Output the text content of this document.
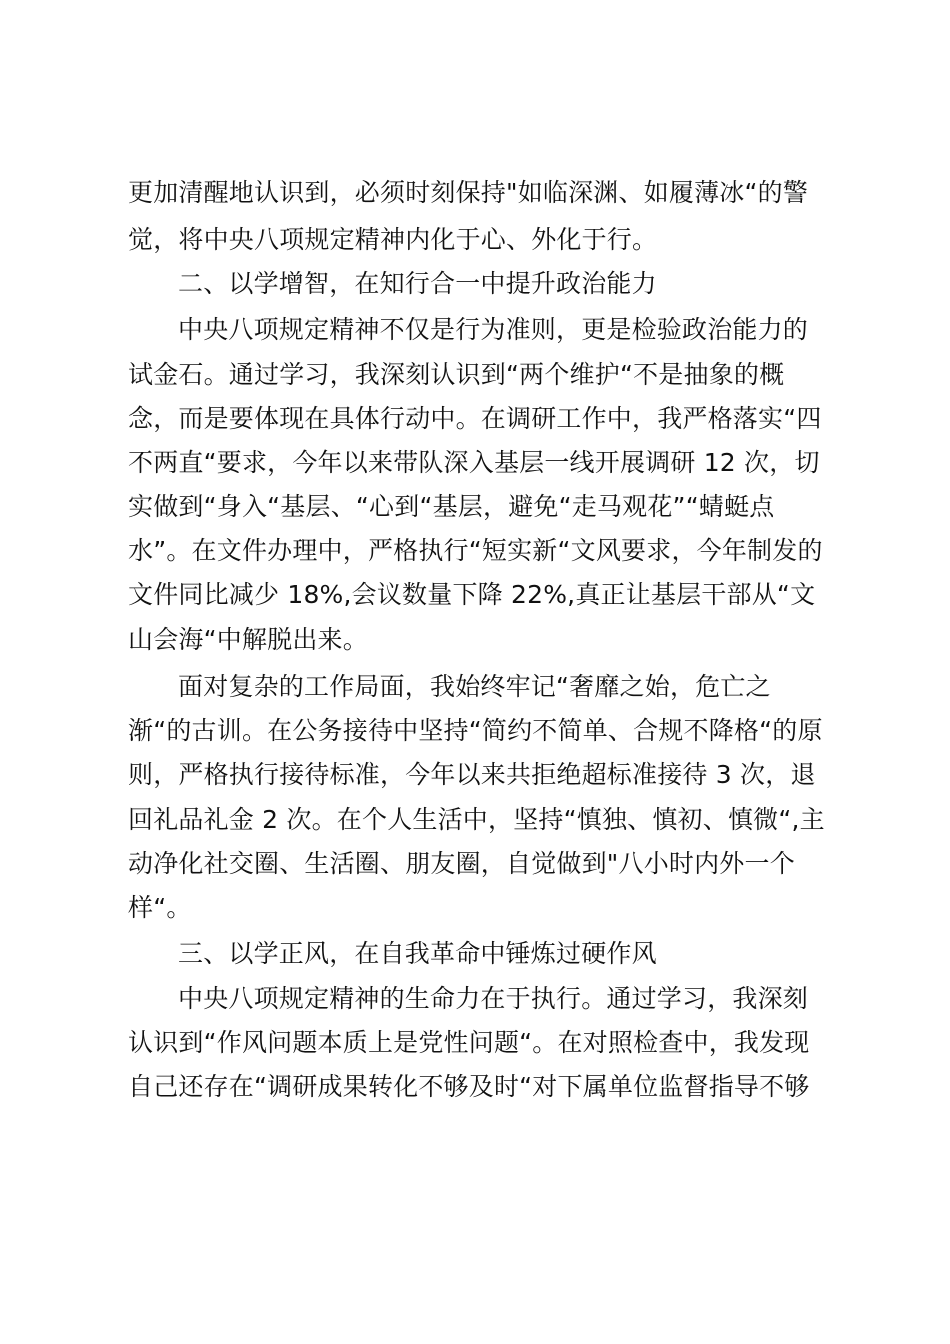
更加清醒地认识到，必须时刻保持"如临深渊、如履薄冰“的警
觉，将中央八项规定精神内化于心、外化于行。
二、以学增智，在知行合一中提升政治能力
中央八项规定精神不仅是行为准则，更是检验政治能力的
试金石。通过学习，我深刻认识到“两个维护“不是抽象的概
念，而是要体现在具体行动中。在调研工作中，我严格落实“四
不两直“要求，今年以来带队深入基层一线开展调研 12 次，切
实做到“身入“基层、“心到“基层，避免“走马观花”“蜻蜓点
水”。在文件办理中，严格执行“短实新“文风要求，今年制发的
文件同比减少 18%,会议数量下降 22%,真正让基层干部从“文
山会海“中解脱出来。
面对复杂的工作局面，我始终牢记“奢靡之始，危亡之
渐“的古训。在公务接待中坚持“简约不简单、合规不降格“的原
则，严格执行接待标准，今年以来共拒绝超标准接待 3 次，退
回礼品礼金 2 次。在个人生活中，坚持“慎独、慎初、慎微“,主
动净化社交圈、生活圈、朋友圈，自觉做到"八小时内外一个
样“。
三、以学正风，在自我革命中锤炼过硬作风
中央八项规定精神的生命力在于执行。通过学习，我深刻
认识到“作风问题本质上是党性问题“。在对照检查中，我发现
自己还存在“调研成果转化不够及时“对下属单位监督指导不够
